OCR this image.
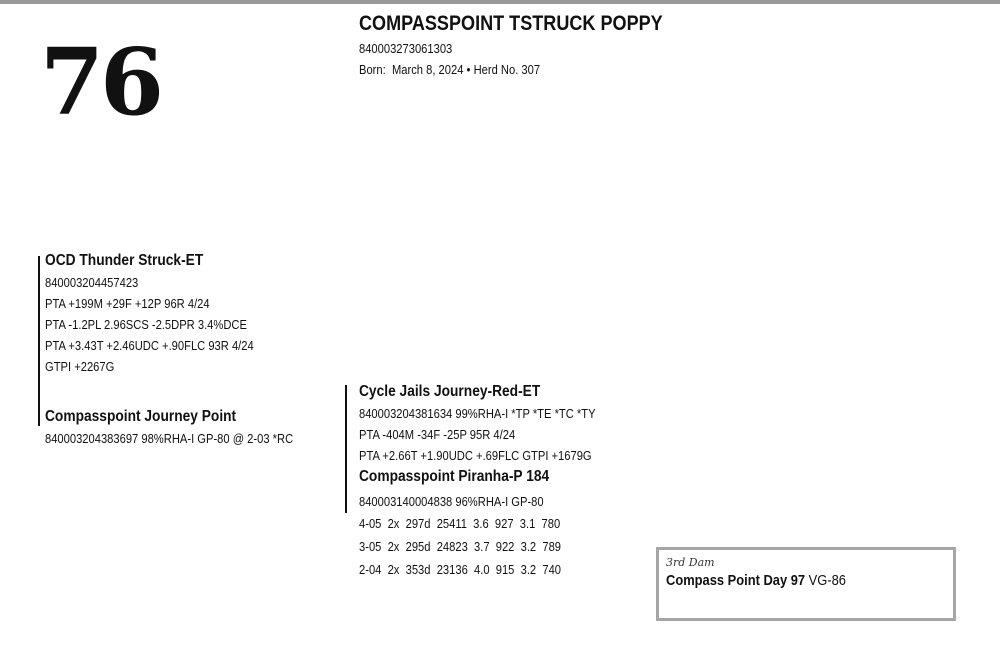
76
COMPASSPOINT TSTRUCK POPPY
840003273061303
Born: March 8, 2024 • Herd No. 307
OCD Thunder Struck-ET
840003204457423
PTA +199M +29F +12P 96R 4/24
PTA -1.2PL 2.96SCS -2.5DPR 3.4%DCE
PTA +3.43T +2.46UDC +.90FLC 93R 4/24
GTPI +2267G
Compasspoint Journey Point
840003204383697 98%RHA-I GP-80 @ 2-03 *RC
Cycle Jails Journey-Red-ET
840003204381634 99%RHA-I *TP *TE *TC *TY
PTA -404M -34F -25P 95R 4/24
PTA +2.66T +1.90UDC +.69FLC GTPI +1679G
Compasspoint Piranha-P 184
840003140004838 96%RHA-I GP-80
4-05  2x  297d  25411  3.6  927  3.1  780
3-05  2x  295d  24823  3.7  922  3.2  789
2-04  2x  353d  23136  4.0  915  3.2  740	3rd Dam
Compass Point Day 97 VG-86
